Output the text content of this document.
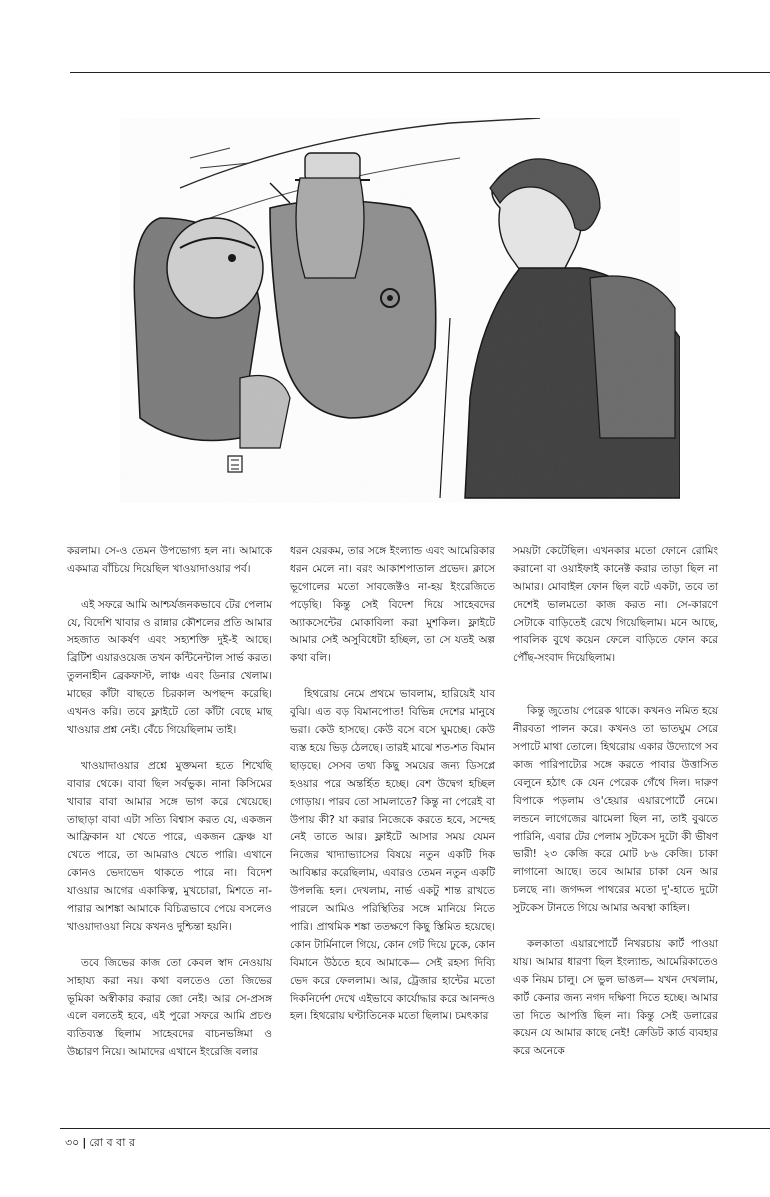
করলাম। সে-ও তেমন উপভোগ্য হল না। আমাকে একমাত্র বাঁচিয়ে দিয়েছিল খাওয়াদাওয়ার পর্ব।

এই সফরে আমি আশ্চর্যজনকভাবে টের পেলাম যে, বিদেশি খাবার ও রান্নার কৌশলের প্রতি আমার সহজাত আকর্ষণ এবং সহ্যশক্তি দুই-ই আছে। ব্রিটিশ এয়ারওয়েজ তখন কন্টিনেন্টাল সার্ভ করত। তুলনাহীন ব্রেকফাস্ট, লাঞ্চ এবং ডিনার খেলাম। মাছের কাঁটা বাছতে চিরকাল অপছন্দ করেছি। এখনও করি। তবে ফ্লাইটে তো কাঁটা বেছে মাছ খাওয়ার প্রশ্ন নেই। বেঁচে গিয়েছিলাম তাই।

খাওয়াদাওয়ার প্রশ্নে মুক্তমনা হতে শিখেছি বাবার থেকে। বাবা ছিল সর্বভুক। নানা কিসিমের খাবার বাবা আমার সঙ্গে ভাগ করে খেয়েছে। তাছাড়া বাবা এটা সত্যি বিশ্বাস করত যে, একজন আফ্রিকান যা খেতে পারে, একজন ফ্রেঞ্চ যা খেতে পারে, তা আমরাও খেতে পারি। এখানে কোনও ভেদাভেদ থাকতে পারে না। বিদেশ যাওয়ার আগের একাকিত্ব, মুখচোরা, মিশতে না-পারার আশঙ্কা আমাকে বিচিত্রভাবে পেয়ে বসলেও খাওয়াদাওয়া নিয়ে কখনও দুশ্চিন্তা হয়নি।

তবে জিভের কাজ তো কেবল স্বাদ নেওয়ায় সাহায্য করা নয়। কথা বলতেও তো জিভের ভূমিকা অস্বীকার করার জো নেই। আর সে-প্রসঙ্গ এলে বলতেই হবে, এই পুরো সফরে আমি প্রচণ্ড ব্যতিব্যস্ত ছিলাম সাহেবদের বাচনভঙ্গিমা ও উচ্চারণ নিয়ে। আমাদের এখানে ইংরেজি বলার

ধরন যেরকম, তার সঙ্গে ইংল্যান্ড এবং আমেরিকার ধরন মেলে না। বরং আকাশপাতাল প্রভেদ। ক্লাসে ভূগোলের মতো সাবজেক্টও না-হয় ইংরেজিতে পড়েছি। কিন্তু সেই বিদেশ দিয়ে সাহেবদের অ্যাকসেন্টের মোকাবিলা করা মুশকিল। ফ্লাইটে আমার সেই অসুবিধেটা হচ্ছিল, তা সে যতই অল্প কথা বলি।

হিথরোয় নেমে প্রথমে ভাবলাম, হারিয়েই যাব বুঝি। এত বড় বিমানপোত! বিভিন্ন দেশের মানুষে ভরা। কেউ হাসছে। কেউ বসে বসে ঘুমচ্ছে। কেউ ব্যস্ত হয়ে ভিড় ঠেলছে। তারই মাঝে শত-শত বিমান ছাড়ছে। সেসব তথ্য কিছু সময়ের জন্য ডিসপ্লে হওয়ার পরে অন্তর্হিত হচ্ছে। বেশ উদ্বেগ হচ্ছিল গোড়ায়। পারব তো সামলাতে? কিন্তু না পেরেই বা উপায় কী? যা করার নিজেকে করতে হবে, সন্দেহ নেই তাতে আর। ফ্লাইটে আসার সময় যেমন নিজের খাদ্যাভ্যাসের বিষয়ে নতুন একটি দিক আবিষ্কার করেছিলাম, এবারও তেমন নতুন একটি উপলব্ধি হল। দেখলাম, নার্ভ একটু শান্ত রাখতে পারলে আমিও পরিস্থিতির সঙ্গে মানিয়ে নিতে পারি। প্রাথমিক শঙ্কা ততক্ষণে কিছু স্তিমিত হয়েছে। কোন টার্মিনালে গিয়ে, কোন গেট দিয়ে ঢুকে, কোন বিমানে উঠতে হবে আমাকে— সেই রহস্য দিব্যি ভেদ করে ফেললাম। আর, ট্রেজার হান্টের মতো দিকনির্দেশ দেখে এইভাবে কার্যোদ্ধার করে আনন্দও হল। হিথরোয় ঘণ্টাতিনেক মতো ছিলাম। চমৎকার

সময়টা কেটেছিল। এখনকার মতো ফোনে রোমিং করানো বা ওয়াইফাই কানেক্ট করার তাড়া ছিল না আমার। মোবাইল ফোন ছিল বটে একটা, তবে তা দেশেই ভালমতো কাজ করত না। সে-কারণে সেটাকে বাড়িতেই রেখে গিয়েছিলাম। মনে আছে, পাবলিক বুথে কয়েন ফেলে বাড়িতে ফোন করে পৌঁছ-সংবাদ দিয়েছিলাম।

কিন্তু জুতোয় পেরেক থাকে। কখনও নমিত হয়ে নীরবতা পালন করে। কখনও তা ভাতঘুম সেরে সপাটে মাথা তোলে। হিথরোয় একার উদ্যোগে সব কাজ পারিপাট্যের সঙ্গে করতে পাবার উত্তাসিত বেলুনে হঠাৎ কে যেন পেরেক গেঁথে দিল। দারুণ বিপাকে পড়লাম ও'হেয়ার এয়ারপোর্টে নেমে। লন্ডনে লাগেজের ঝামেলা ছিল না, তাই বুঝতে পারিনি, এবার টের পেলাম সুটকেস দুটো কী ভীষণ ভারী! ২৩ কেজি করে মোট ৮৬ কেজি। চাকা লাগানো আছে। তবে আমার চাকা যেন আর চলছে না। জগদ্দল পাথরের মতো দু'-হাতে দুটো সুটকেস টানতে গিয়ে আমার অবস্থা কাহিল।

কলকাতা এয়ারপোর্টে নিখরচায় কার্ট পাওয়া যায়। আমার ধারণা ছিল ইংল্যান্ড, আমেরিকাতেও এক নিয়ম চালু। সে ভুল ভাঙল— যখন দেখলাম, কার্ট কেনার জন্য নগদ দক্ষিণা দিতে হচ্ছে। আমার তা দিতে আপত্তি ছিল না। কিন্তু সেই ডলারের কয়েন যে আমার কাছে নেই! ক্রেডিট কার্ড ব্যবহার করে অনেকে

৩০ | রো ব বা র
